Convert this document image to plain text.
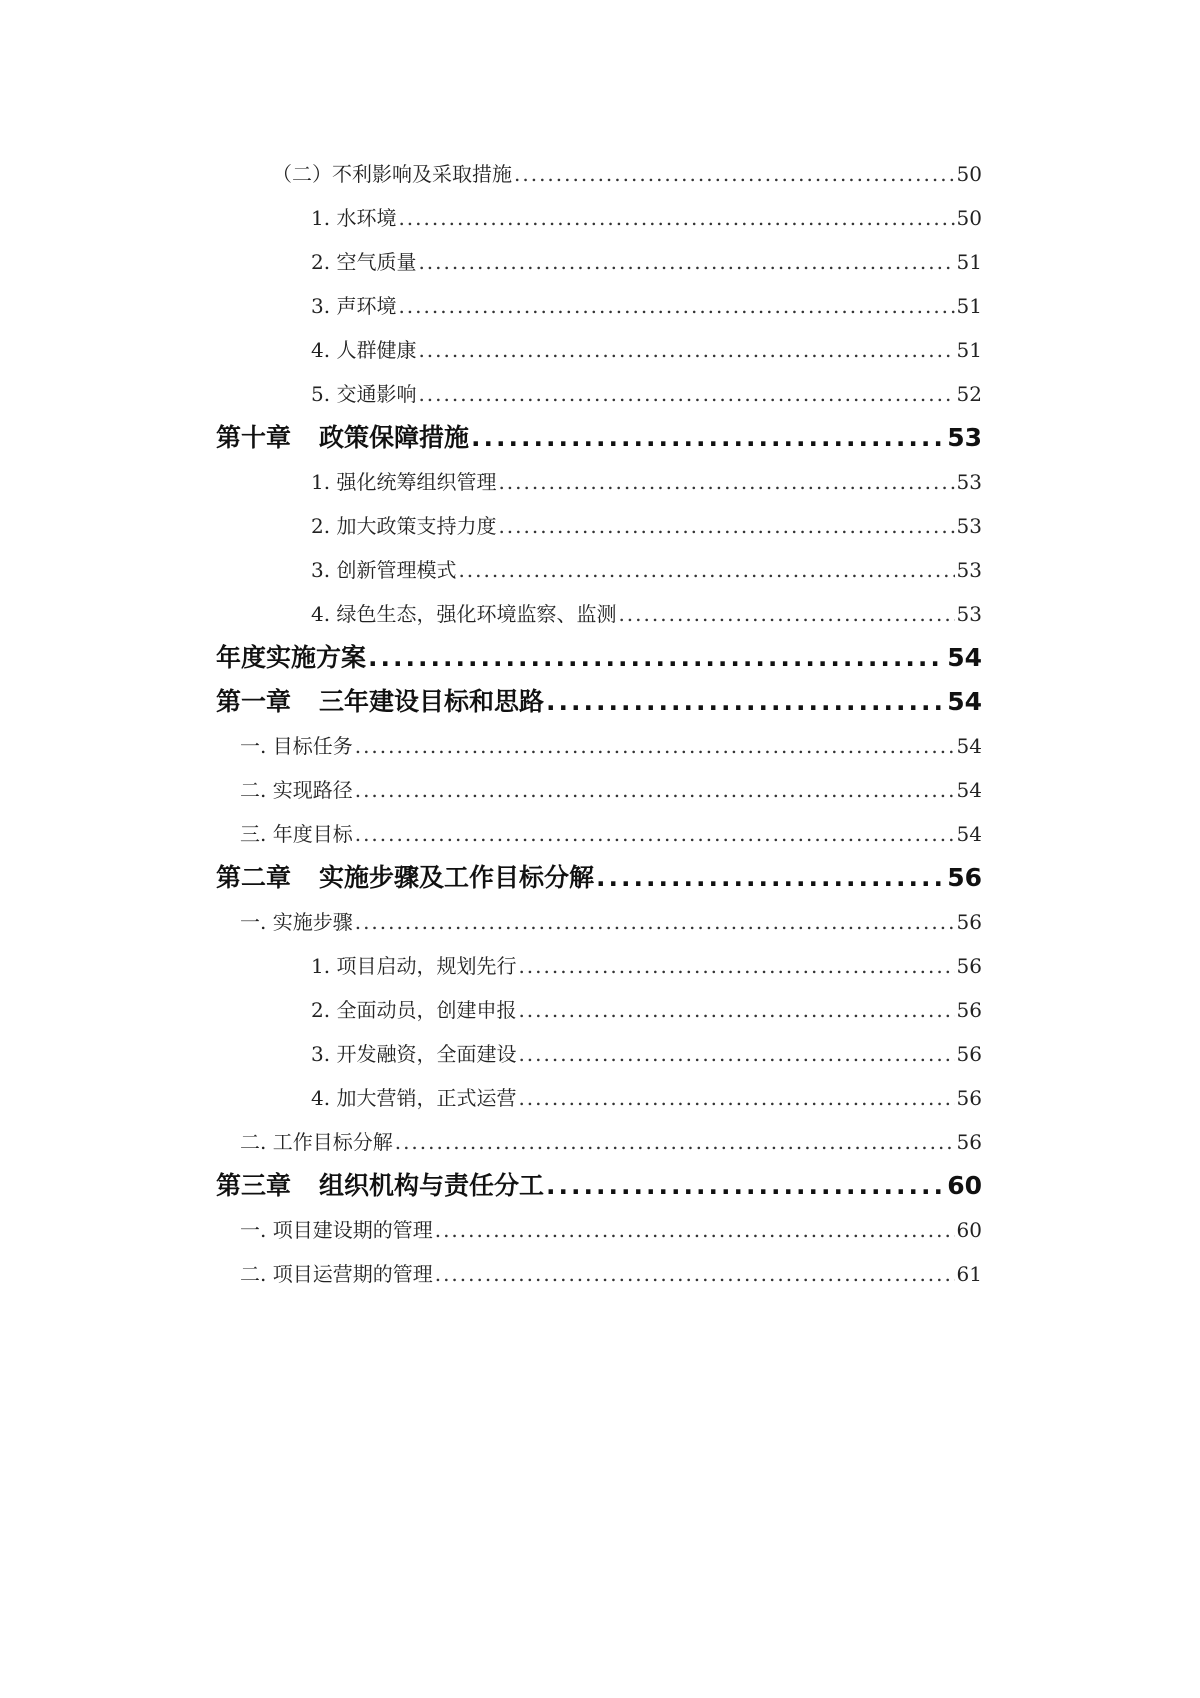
（二）不利影响及采取措施 .....	50
1. 水环境 .....	50
2. 空气质量 .....	51
3. 声环境 .....	51
4. 人群健康 .....	51
5. 交通影响 .....	52
第十章 政策保障措施 .....	53
1. 强化统筹组织管理 .....	53
2. 加大政策支持力度 .....	53
3. 创新管理模式 .....	53
4. 绿色生态，强化环境监察、监测 .....	53
年度实施方案 .....	54
第一章 三年建设目标和思路 .....	54
一. 目标任务 .....	54
二. 实现路径 .....	54
三. 年度目标 .....	54
第二章 实施步骤及工作目标分解 .....	56
一. 实施步骤 .....	56
1. 项目启动，规划先行 .....	56
2. 全面动员，创建申报 .....	56
3. 开发融资，全面建设 .....	56
4. 加大营销，正式运营 .....	56
二. 工作目标分解 .....	56
第三章 组织机构与责任分工 .....	60
一. 项目建设期的管理 .....	60
二. 项目运营期的管理 .....	61
